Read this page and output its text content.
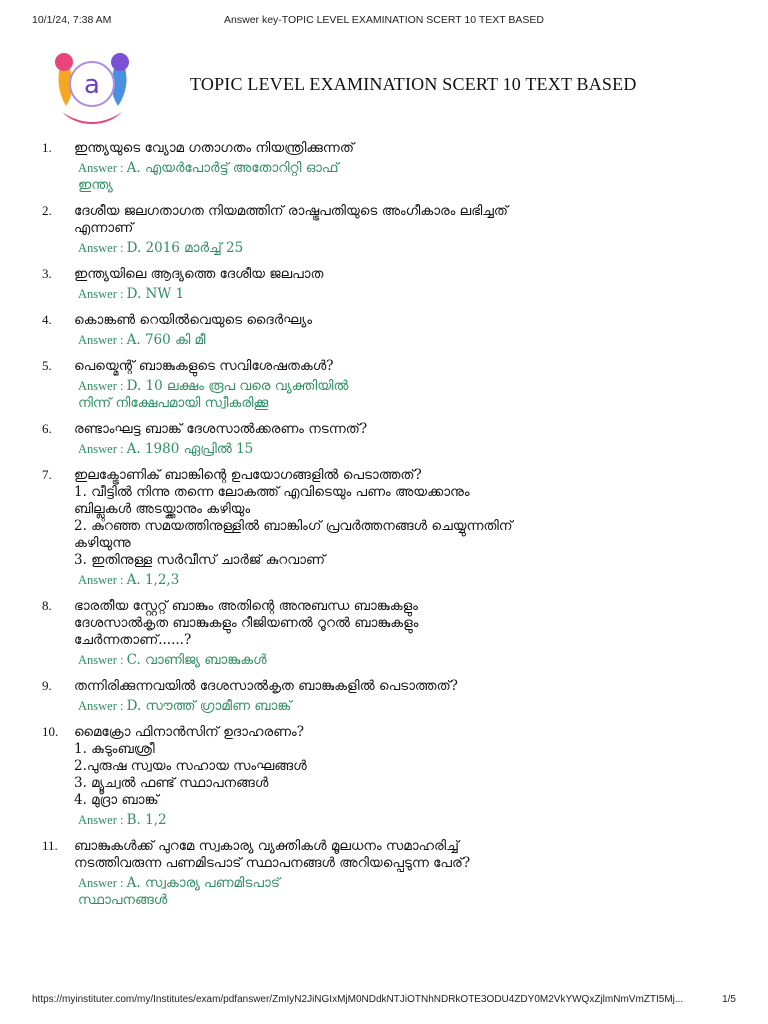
10/1/24, 7:38 AM	Answer key-TOPIC LEVEL EXAMINATION SCERT 10 TEXT BASED
a	TOPIC LEVEL EXAMINATION SCERT 10 TEXT BASED
1. ഇന്ത്യയുടെ വ്യോമ ഗതാഗതം നിയന്ത്രിക്കുന്നത്
Answer : A. എയർപോർട്ട് അതോറിറ്റി ഓഫ്
ഇന്ത്യ
2. ദേശീയ ജലഗതാഗത നിയമത്തിന് രാഷ്ട്രപതിയുടെ അംഗീകാരം ലഭിച്ചത്
എന്നാണ്
Answer : D. 2016 മാർച്ച് 25
3. ഇന്ത്യയിലെ ആദ്യത്തെ ദേശീയ ജലപാത
Answer : D. NW 1
4. കൊങ്കൺ റെയിൽവെയുടെ ദൈർഘ്യം
Answer : A. 760 കി മീ
5. പെയ്മെന്റ് ബാങ്കുകളുടെ സവിശേഷതകൾ?
Answer : D. 10 ലക്ഷം രൂപ വരെ വ്യക്തിയിൽ
നിന്ന് നിക്ഷേപമായി സ്വീകരിക്കൂ
6. രണ്ടാംഘട്ട ബാങ്ക് ദേശസാൽക്കരണം നടന്നത്?
Answer : A. 1980 ഏപ്രിൽ 15
7. ഇലക്ട്രോണിക് ബാങ്കിന്റെ ഉപയോഗങ്ങളിൽ പെടാത്തത്?
1. വീട്ടിൽ നിന്നു തന്നെ ലോകത്ത് എവിടെയും പണം അയക്കാനും
ബില്ലുകൾ അടയ്ക്കാനും കഴിയും
2. കുറഞ്ഞ സമയത്തിനുള്ളിൽ ബാങ്കിംഗ് പ്രവർത്തനങ്ങൾ ചെയ്യുന്നതിന്
കഴിയുന്നു
3. ഇതിനുള്ള സർവീസ് ചാർജ് കുറവാണ്
Answer : A. 1,2,3
8. ഭാരതീയ സ്റ്റേറ്റ് ബാങ്കും അതിന്റെ അനുബന്ധ ബാങ്കുകളും
ദേശസാൽകൃത ബാങ്കുകളും റീജിയണൽ റൂറൽ ബാങ്കുകളും
ചേർന്നതാണ്......?
Answer : C. വാണിജ്യ ബാങ്കുകൾ
9. തന്നിരിക്കുന്നവയിൽ ദേശസാൽകൃത ബാങ്കുകളിൽ പെടാത്തത്?
Answer : D. സൗത്ത് ഗ്രാമീണ ബാങ്ക്
10. മൈക്രോ ഫിനാൻസിന് ഉദാഹരണം?
1. കുടുംബശ്രീ
2.പുരുഷ സ്വയം സഹായ സംഘങ്ങൾ
3. മ്യൂച്വൽ ഫണ്ട് സ്ഥാപനങ്ങൾ
4. മുദ്രാ ബാങ്ക്
Answer : B. 1,2
11. ബാങ്കുകൾക്ക് പുറമേ സ്വകാര്യ വ്യക്തികൾ മൂലധനം സമാഹരിച്ച്
നടത്തിവരുന്ന പണമിടപാട് സ്ഥാപനങ്ങൾ അറിയപ്പെടുന്ന പേര്?
Answer : A. സ്വകാര്യ പണമിടപാട്
സ്ഥാപനങ്ങൾ
https://myinstituter.com/my/Institutes/exam/pdfanswer/ZmIyN2JiNGIxMjM0NDdkNTJiOTNhNDRkOTE3ODU4ZDY0M2VkYWQxZjlmNmVmZTI5Mj...	1/5
